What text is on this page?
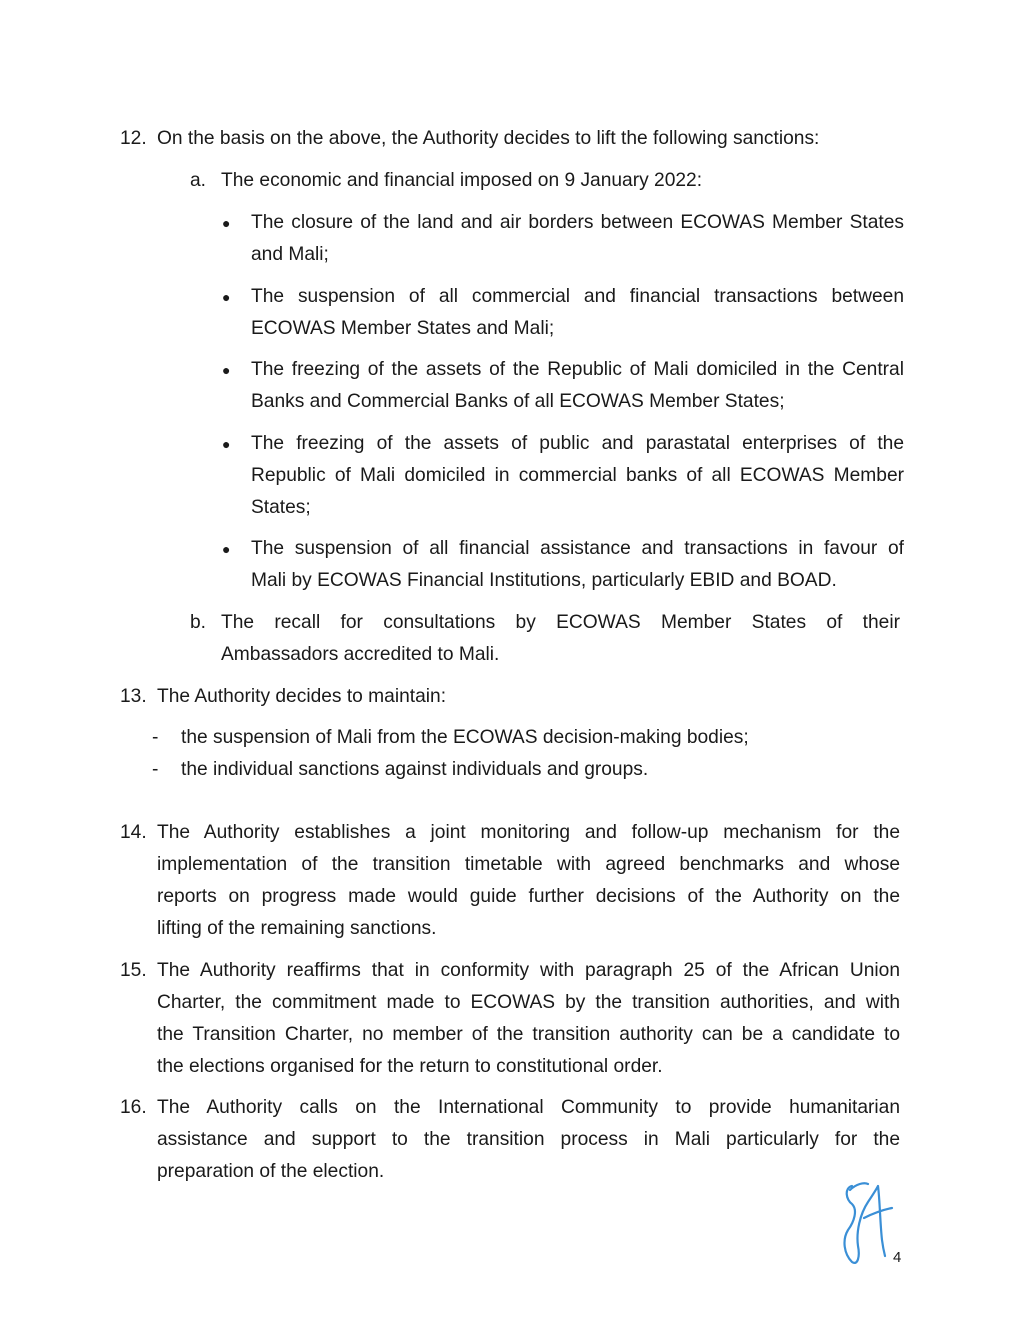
12. On the basis on the above, the Authority decides to lift the following sanctions:
a. The economic and financial imposed on 9 January 2022:
● The closure of the land and air borders between ECOWAS Member States
and Mali;
● The suspension of all commercial and financial transactions between
ECOWAS Member States and Mali;
● The freezing of the assets of the Republic of Mali domiciled in the Central
Banks and Commercial Banks of all ECOWAS Member States;
● The freezing of the assets of public and parastatal enterprises of the
Republic of Mali domiciled in commercial banks of all ECOWAS Member
States;
● The suspension of all financial assistance and transactions in favour of
Mali by ECOWAS Financial Institutions, particularly EBID and BOAD.
b. The recall for consultations by ECOWAS Member States of their
Ambassadors accredited to Mali.
13. The Authority decides to maintain:
- the suspension of Mali from the ECOWAS decision-making bodies;
- the individual sanctions against individuals and groups.
14. The Authority establishes a joint monitoring and follow-up mechanism for the
implementation of the transition timetable with agreed benchmarks and whose
reports on progress made would guide further decisions of the Authority on the
lifting of the remaining sanctions.
15. The Authority reaffirms that in conformity with paragraph 25 of the African Union
Charter, the commitment made to ECOWAS by the transition authorities, and with
the Transition Charter, no member of the transition authority can be a candidate to
the elections organised for the return to constitutional order.
16. The Authority calls on the International Community to provide humanitarian
assistance and support to the transition process in Mali particularly for the
preparation of the election.
4
